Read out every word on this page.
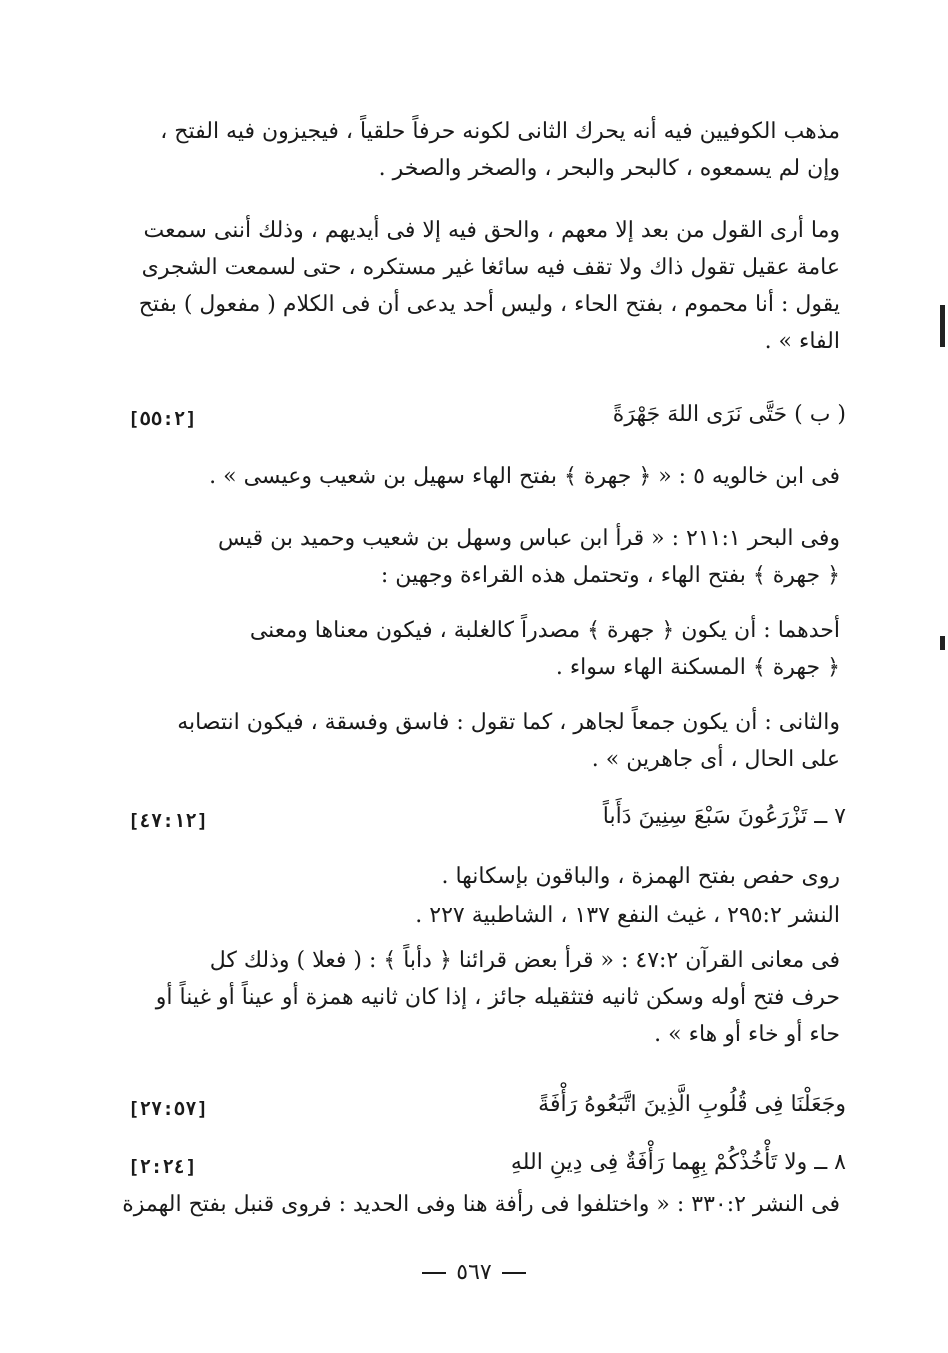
مذهب الكوفيين فيه أنه يحرك الثانى لكونه حرفاً حلقياً ، فيجيزون فيه الفتح ،
وإن لم يسمعوه ، كالبحر والبحر ، والصخر والصخر .
وما أرى القول من بعد إلا معهم ، والحق فيه إلا فى أيديهم ، وذلك أننى سمعت
عامة عقيل تقول ذاك ولا تقف فيه سائغا غير مستكره ، حتى لسمعت الشجرى
يقول : أنا محموم ، بفتح الحاء ، وليس أحد يدعى أن فى الكلام ( مفعول ) بفتح
الفاء » .
( ب ) حَتَّى نَرَى اللهَ جَهْرَةً
[٥٥:٢]
فى ابن خالويه ٥ : « ﴿ جهرة ﴾ بفتح الهاء سهيل بن شعيب وعيسى » .
وفى البحر ٢١١:١ : « قرأ ابن عباس وسهل بن شعيب وحميد بن قيس
﴿ جهرة ﴾ بفتح الهاء ، وتحتمل هذه القراءة وجهين :
أحدهما : أن يكون ﴿ جهرة ﴾ مصدراً كالغلبة ، فيكون معناها ومعنى
﴿ جهرة ﴾ المسكنة الهاء سواء .
والثانى : أن يكون جمعاً لجاهر ، كما تقول : فاسق وفسقة ، فيكون انتصابه
على الحال ، أى جاهرين » .
٧ ــ تَزْرَعُونَ سَبْعَ سِنِينَ دَأَباً
[٤٧:١٢]
روى حفص بفتح الهمزة ، والباقون بإسكانها .
النشر ٢٩٥:٢ ، غيث النفع ١٣٧ ، الشاطبية ٢٢٧ .
فى معانى القرآن ٤٧:٢ : « قرأ بعض قرائنا ﴿ دأباً ﴾ : ( فعلا ) وذلك كل
حرف فتح أوله وسكن ثانيه فتثقيله جائز ، إذا كان ثانيه همزة أو عيناً أو غيناً أو
حاء أو خاء أو هاء » .
وجَعَلْنَا فِى قُلُوبِ الَّذِينَ اتَّبَعُوهُ رَأْفَةً
[٢٧:٥٧]
٨ ــ ولا تَأْخُذْكُمْ بِهِما رَأْفَةٌ فِى دِينِ اللهِ
[٢:٢٤]
فى النشر ٣٣٠:٢ : « واختلفوا فى رأفة هنا وفى الحديد : فروى قنبل بفتح الهمزة
٥٦٧
